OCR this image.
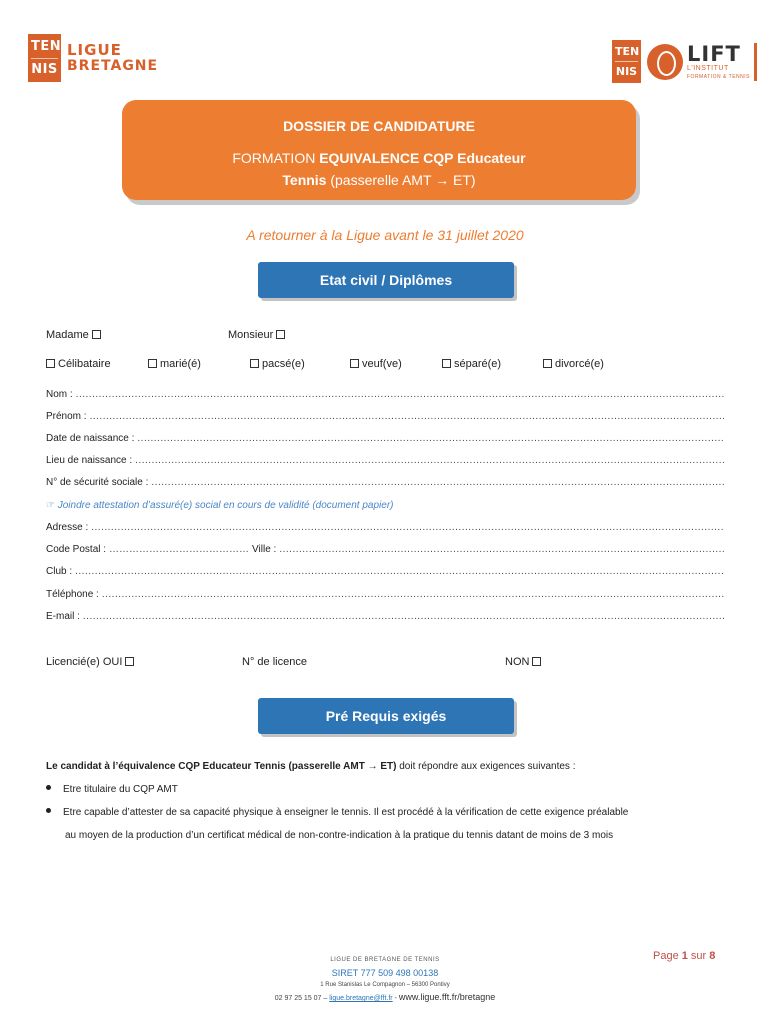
TEN
NIS
LIGUE
BRETAGNE
TEN
NIS
LIFT
L'INSTITUT
FORMATION & TENNIS
DOSSIER DE CANDIDATURE
FORMATION EQUIVALENCE CQP Educateur
Tennis (passerelle AMT → ET)
A retourner à la Ligue avant le 31 juillet 2020
Etat civil / Diplômes
Madame	Monsieur
Célibataire	marié(é)	pacsé(e)	veuf(ve)	séparé(e)	divorcé(e)
Nom :
.....
Prénom :
.....
Date de naissance :
.....
Lieu de naissance :
.....
N° de sécurité sociale :
.....
☞ Joindre attestation d’assuré(e) social en cours de validité (document papier)
Adresse :
.....
Code Postal : …………………………………… Ville :
.....
Club :
.....
Téléphone :
.....
E-mail :
.....
Licencié(e) OUI	N° de licence	NON
Pré Requis exigés
Le candidat à l’équivalence CQP Educateur Tennis (passerelle AMT → ET) doit répondre aux exigences suivantes :
Etre titulaire du CQP AMT
Etre capable d’attester de sa capacité physique à enseigner le tennis. Il est procédé à la vérification de cette exigence préalable
au moyen de la production d’un certificat médical de non-contre-indication à la pratique du tennis datant de moins de 3 mois
LIGUE DE BRETAGNE DE TENNIS
SIRET 777 509 498 00138
1 Rue Stanislas Le Compagnon – 56300 Pontivy
02 97 25 15 07 – ligue.bretagne@fft.fr - www.ligue.fft.fr/bretagne
Page 1 sur 8
